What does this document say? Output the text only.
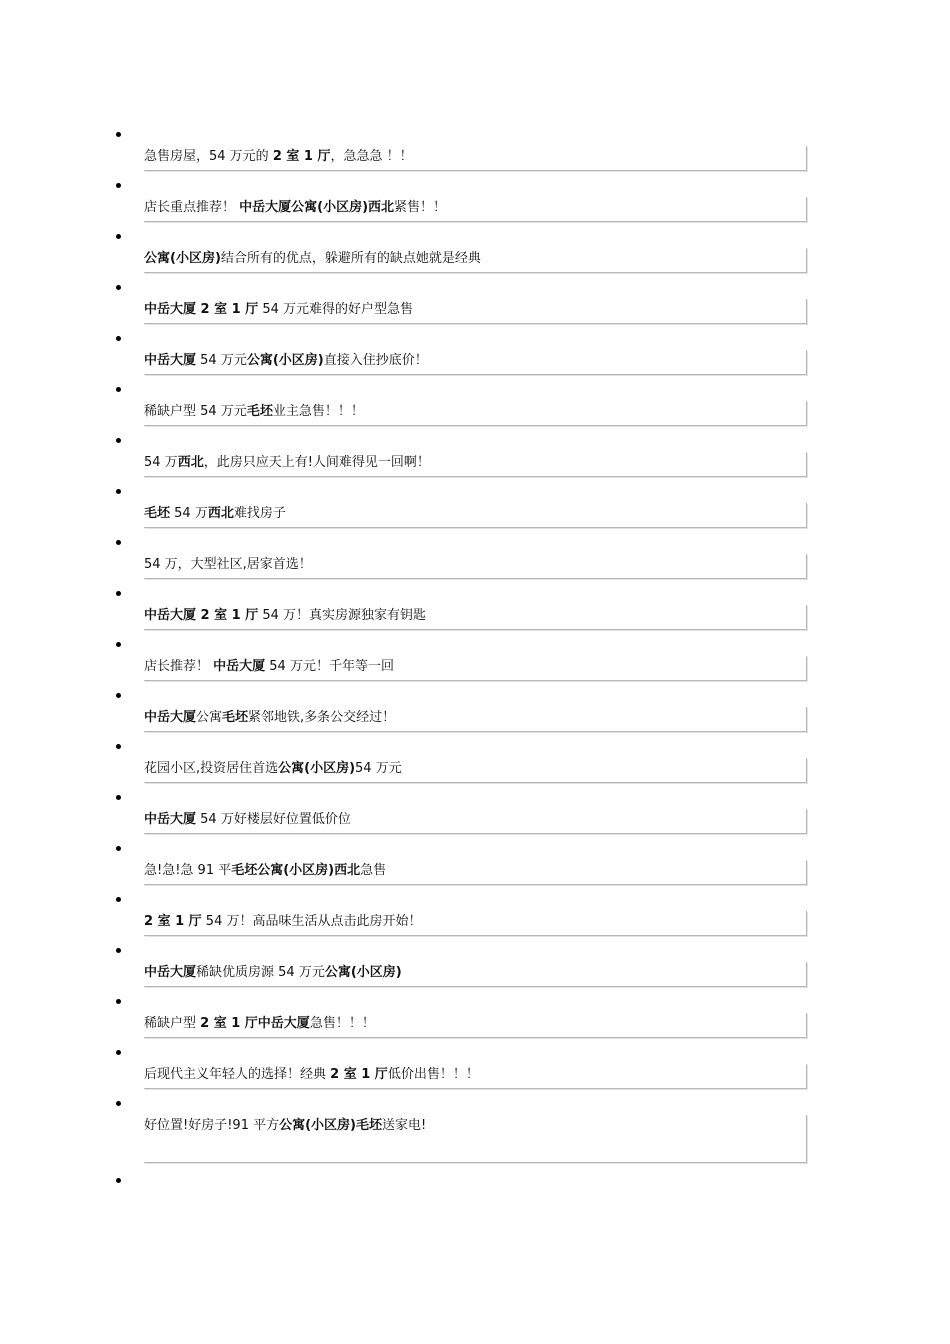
急售房屋，54 万元的 2 室 1 厅，急急急 ！！
店长重点推荐！ 中岳大厦公寓(小区房)西北紧售！！
公寓(小区房)结合所有的优点，躲避所有的缺点她就是经典
中岳大厦 2 室 1 厅 54 万元难得的好户型急售
中岳大厦 54 万元公寓(小区房)直接入住抄底价！
稀缺户型 54 万元毛坯业主急售！！！
54 万西北，此房只应天上有!人间难得见一回啊！
毛坯 54 万西北难找房子
54 万，大型社区,居家首选！
中岳大厦 2 室 1 厅 54 万！真实房源独家有钥匙
店长推荐！ 中岳大厦 54 万元！千年等一回
中岳大厦公寓毛坯紧邻地铁,多条公交经过！
花园小区,投资居住首选公寓(小区房)54 万元
中岳大厦 54 万好楼层好位置低价位
急!急!急 91 平毛坯公寓(小区房)西北急售
2 室 1 厅 54 万！高品味生活从点击此房开始！
中岳大厦稀缺优质房源 54 万元公寓(小区房)
稀缺户型 2 室 1 厅中岳大厦急售！！！
后现代主义年轻人的选择！经典 2 室 1 厅低价出售！！！
好位置!好房子!91 平方公寓(小区房)毛坯送家电!
